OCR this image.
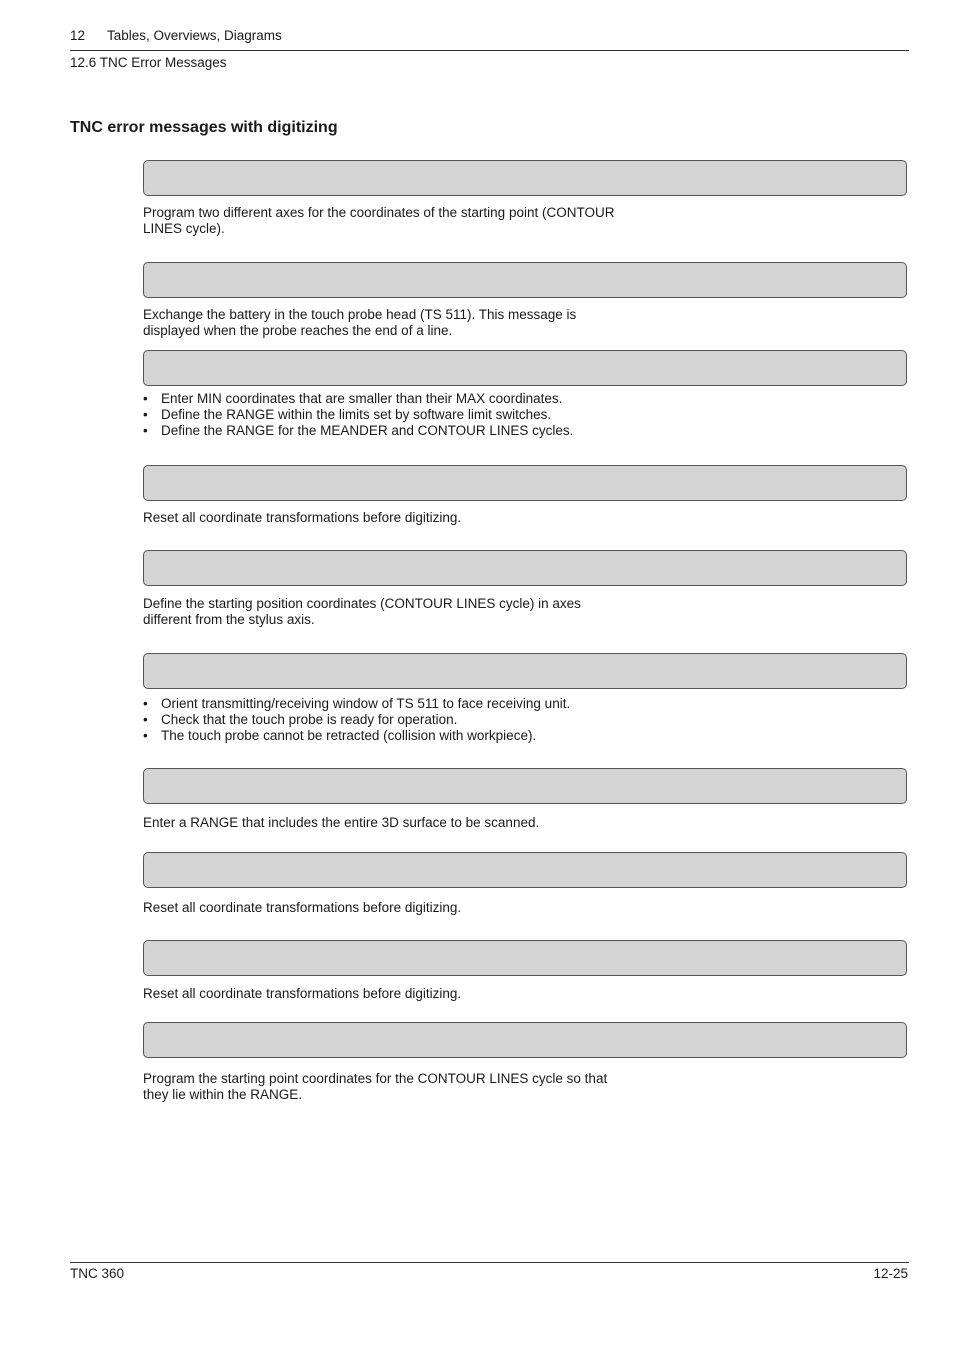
12 Tables, Overviews, Diagrams
12.6 TNC Error Messages
TNC error messages with digitizing

Program two different axes for the coordinates of the starting point (CONTOUR LINES cycle).

Exchange the battery in the touch probe head (TS 511). This message is displayed when the probe reaches the end of a line.

• Enter MIN coordinates that are smaller than their MAX coordinates.
• Define the RANGE within the limits set by software limit switches.
• Define the RANGE for the MEANDER and CONTOUR LINES cycles.

Reset all coordinate transformations before digitizing.

Define the starting position coordinates (CONTOUR LINES cycle) in axes different from the stylus axis.

• Orient transmitting/receiving window of TS 511 to face receiving unit.
• Check that the touch probe is ready for operation.
• The touch probe cannot be retracted (collision with workpiece).

Enter a RANGE that includes the entire 3D surface to be scanned.

Reset all coordinate transformations before digitizing.

Reset all coordinate transformations before digitizing.

Program the starting point coordinates for the CONTOUR LINES cycle so that they lie within the RANGE.

TNC 360	12-25
